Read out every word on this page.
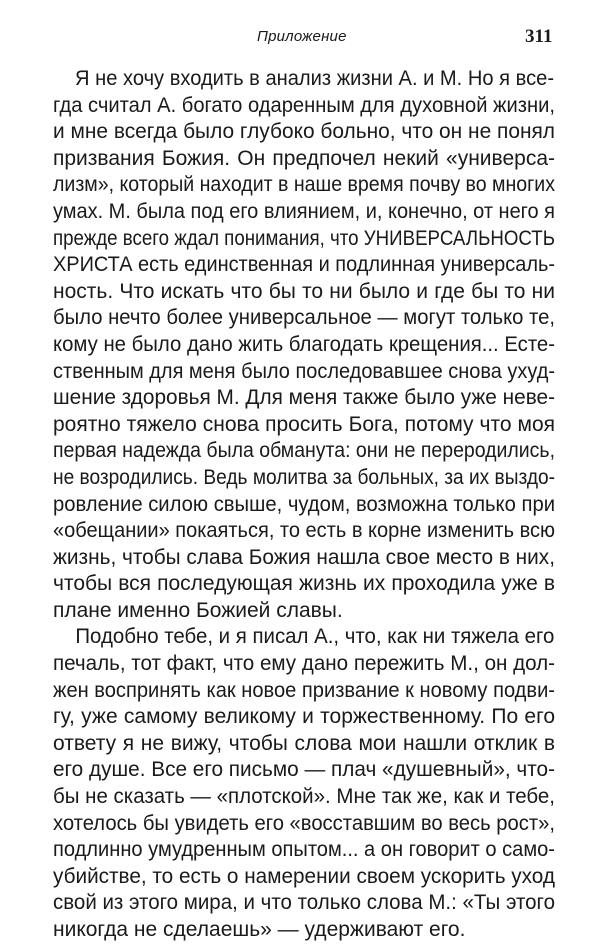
Приложение	311
Я не хочу входить в анализ жизни А. и М. Но я все-
гда считал А. богато одаренным для духовной жизни,
и мне всегда было глубоко больно, что он не понял
призвания Божия. Он предпочел некий «универса-
лизм», который находит в наше время почву во многих
умах. М. была под его влиянием, и, конечно, от него я
прежде всего ждал понимания, что УНИВЕРСАЛЬНОСТЬ
ХРИСТА есть единственная и подлинная универсаль-
ность. Что искать что бы то ни было и где бы то ни
было нечто более универсальное — могут только те,
кому не было дано жить благодать крещения... Есте-
ственным для меня было последовавшее снова ухуд-
шение здоровья М. Для меня также было уже неве-
роятно тяжело снова просить Бога, потому что моя
первая надежда была обманута: они не переродились,
не возродились. Ведь молитва за больных, за их выздо-
ровление силою свыше, чудом, возможна только при
«обещании» покаяться, то есть в корне изменить всю
жизнь, чтобы слава Божия нашла свое место в них,
чтобы вся последующая жизнь их проходила уже в
плане именно Божией славы.
Подобно тебе, и я писал А., что, как ни тяжела его
печаль, тот факт, что ему дано пережить М., он дол-
жен воспринять как новое призвание к новому подви-
гу, уже самому великому и торжественному. По его
ответу я не вижу, чтобы слова мои нашли отклик в
его душе. Все его письмо — плач «душевный», что-
бы не сказать — «плотской». Мне так же, как и тебе,
хотелось бы увидеть его «восставшим во весь рост»,
подлинно умудренным опытом... а он говорит о само-
убийстве, то есть о намерении своем ускорить уход
свой из этого мира, и что только слова М.: «Ты этого
никогда не сделаешь» — удерживают его.
